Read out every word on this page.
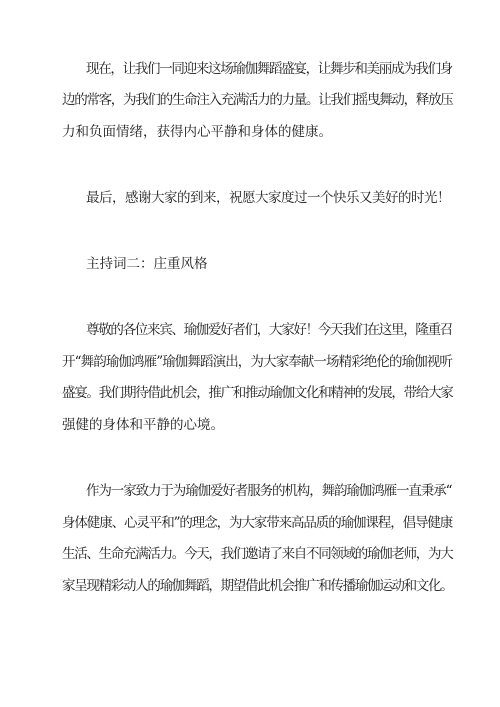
现在，让我们一同迎来这场瑜伽舞蹈盛宴，让舞步和美丽成为我们身

边的常客，为我们的生命注入充满活力的力量。让我们摇曳舞动，释放压

力和负面情绪，获得内心平静和身体的健康。

最后，感谢大家的到来，祝愿大家度过一个快乐又美好的时光！

主持词二：庄重风格

尊敬的各位来宾、瑜伽爱好者们，大家好！今天我们在这里，隆重召

开“舞韵瑜伽鸿雁”瑜伽舞蹈演出，为大家奉献一场精彩绝伦的瑜伽视听

盛宴。我们期待借此机会，推广和推动瑜伽文化和精神的发展，带给大家

强健的身体和平静的心境。

作为一家致力于为瑜伽爱好者服务的机构，舞韵瑜伽鸿雁一直秉承“

身体健康、心灵平和”的理念，为大家带来高品质的瑜伽课程，倡导健康

生活、生命充满活力。今天，我们邀请了来自不同领域的瑜伽老师，为大

家呈现精彩动人的瑜伽舞蹈，期望借此机会推广和传播瑜伽运动和文化。
